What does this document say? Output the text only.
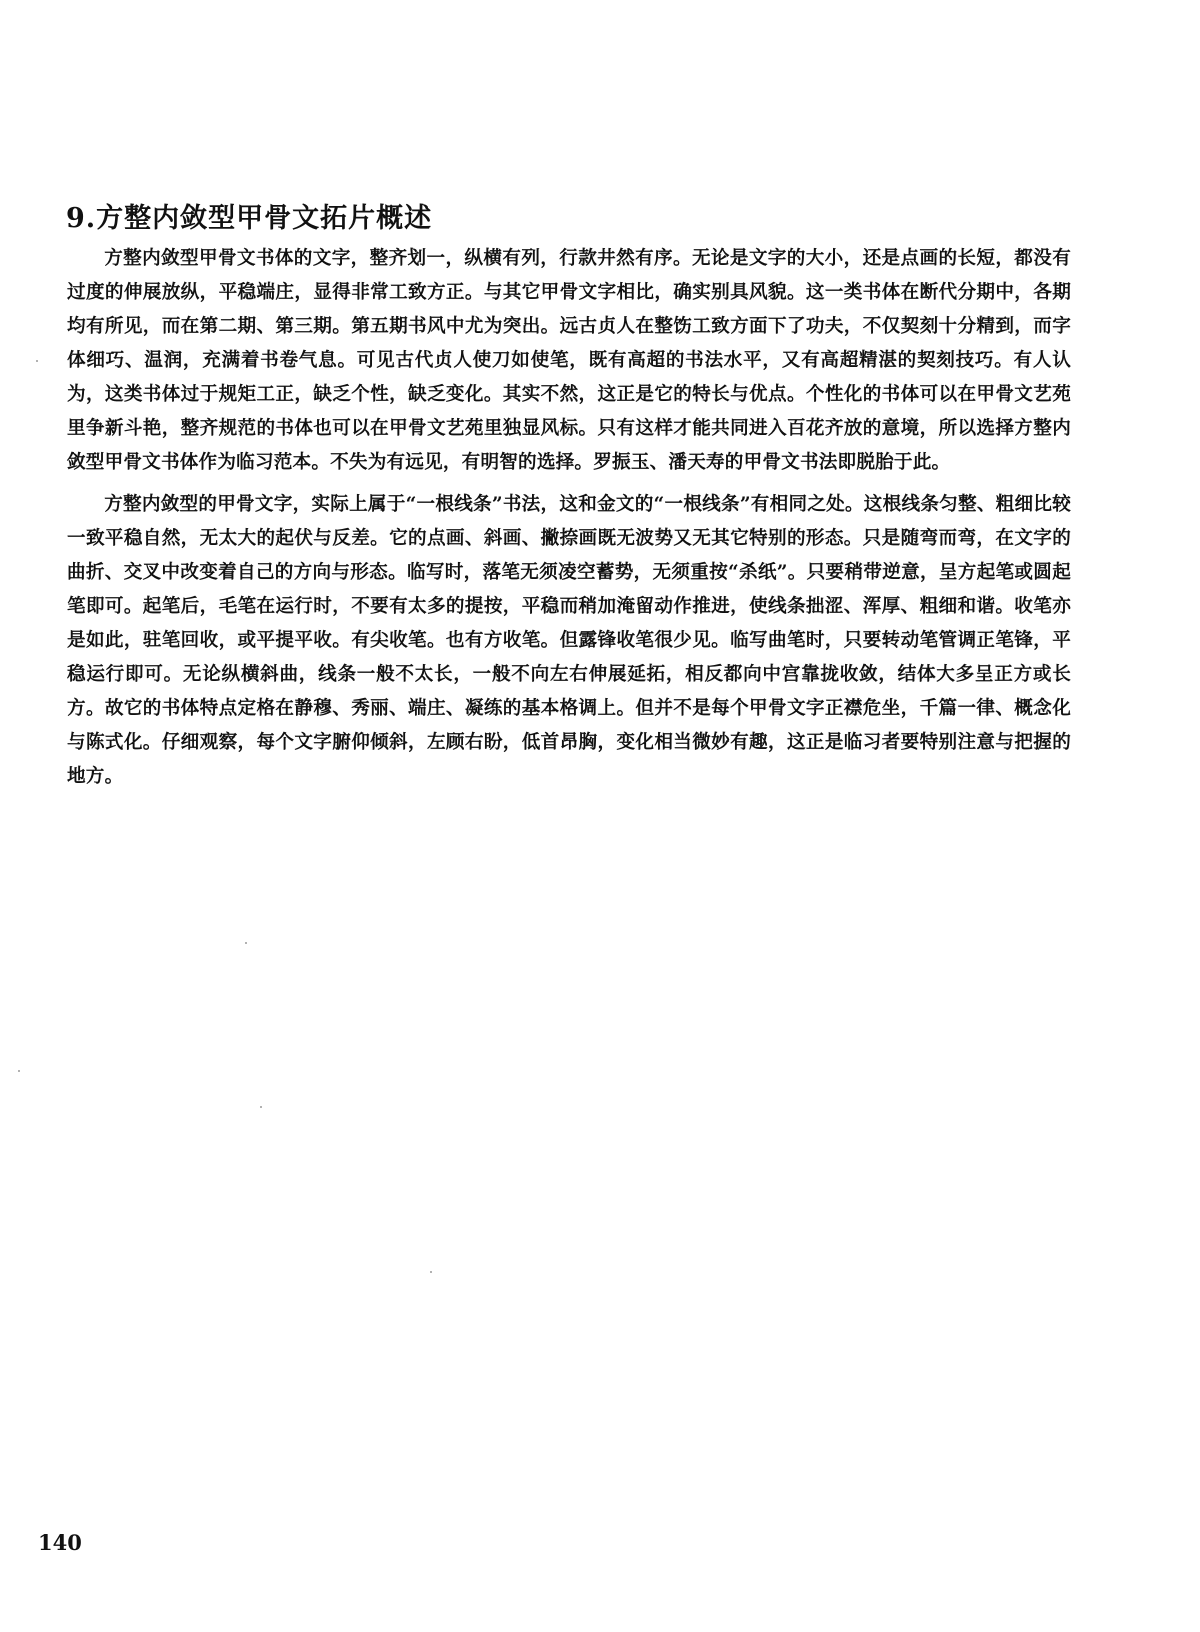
9.方整内敛型甲骨文拓片概述

方整内敛型甲骨文书体的文字，整齐划一，纵横有列，行款井然有序。无论是文字的大小，还是点画的长短，都没有过度的伸展放纵，平稳端庄，显得非常工致方正。与其它甲骨文字相比，确实别具风貌。这一类书体在断代分期中，各期均有所见，而在第二期、第三期。第五期书风中尤为突出。远古贞人在整饬工致方面下了功夫，不仅契刻十分精到，而字体细巧、温润，充满着书卷气息。可见古代贞人使刀如使笔，既有高超的书法水平，又有高超精湛的契刻技巧。有人认为，这类书体过于规矩工正，缺乏个性，缺乏变化。其实不然，这正是它的特长与优点。个性化的书体可以在甲骨文艺苑里争新斗艳，整齐规范的书体也可以在甲骨文艺苑里独显风标。只有这样才能共同进入百花齐放的意境，所以选择方整内敛型甲骨文书体作为临习范本。不失为有远见，有明智的选择。罗振玉、潘天寿的甲骨文书法即脱胎于此。

方整内敛型的甲骨文字，实际上属于“一根线条”书法，这和金文的“一根线条”有相同之处。这根线条匀整、粗细比较一致平稳自然，无太大的起伏与反差。它的点画、斜画、撇捺画既无波势又无其它特别的形态。只是随弯而弯，在文字的曲折、交叉中改变着自己的方向与形态。临写时，落笔无须凌空蓄势，无须重按“杀纸”。只要稍带逆意，呈方起笔或圆起笔即可。起笔后，毛笔在运行时，不要有太多的提按，平稳而稍加淹留动作推进，使线条拙涩、浑厚、粗细和谐。收笔亦是如此，驻笔回收，或平提平收。有尖收笔。也有方收笔。但露锋收笔很少见。临写曲笔时，只要转动笔管调正笔锋，平稳运行即可。无论纵横斜曲，线条一般不太长，一般不向左右伸展延拓，相反都向中宫靠拢收敛，结体大多呈正方或长方。故它的书体特点定格在静穆、秀丽、端庄、凝练的基本格调上。但并不是每个甲骨文字正襟危坐，千篇一律、概念化与陈式化。仔细观察，每个文字腑仰倾斜，左顾右盼，低首昂胸，变化相当微妙有趣，这正是临习者要特别注意与把握的地方。

140
